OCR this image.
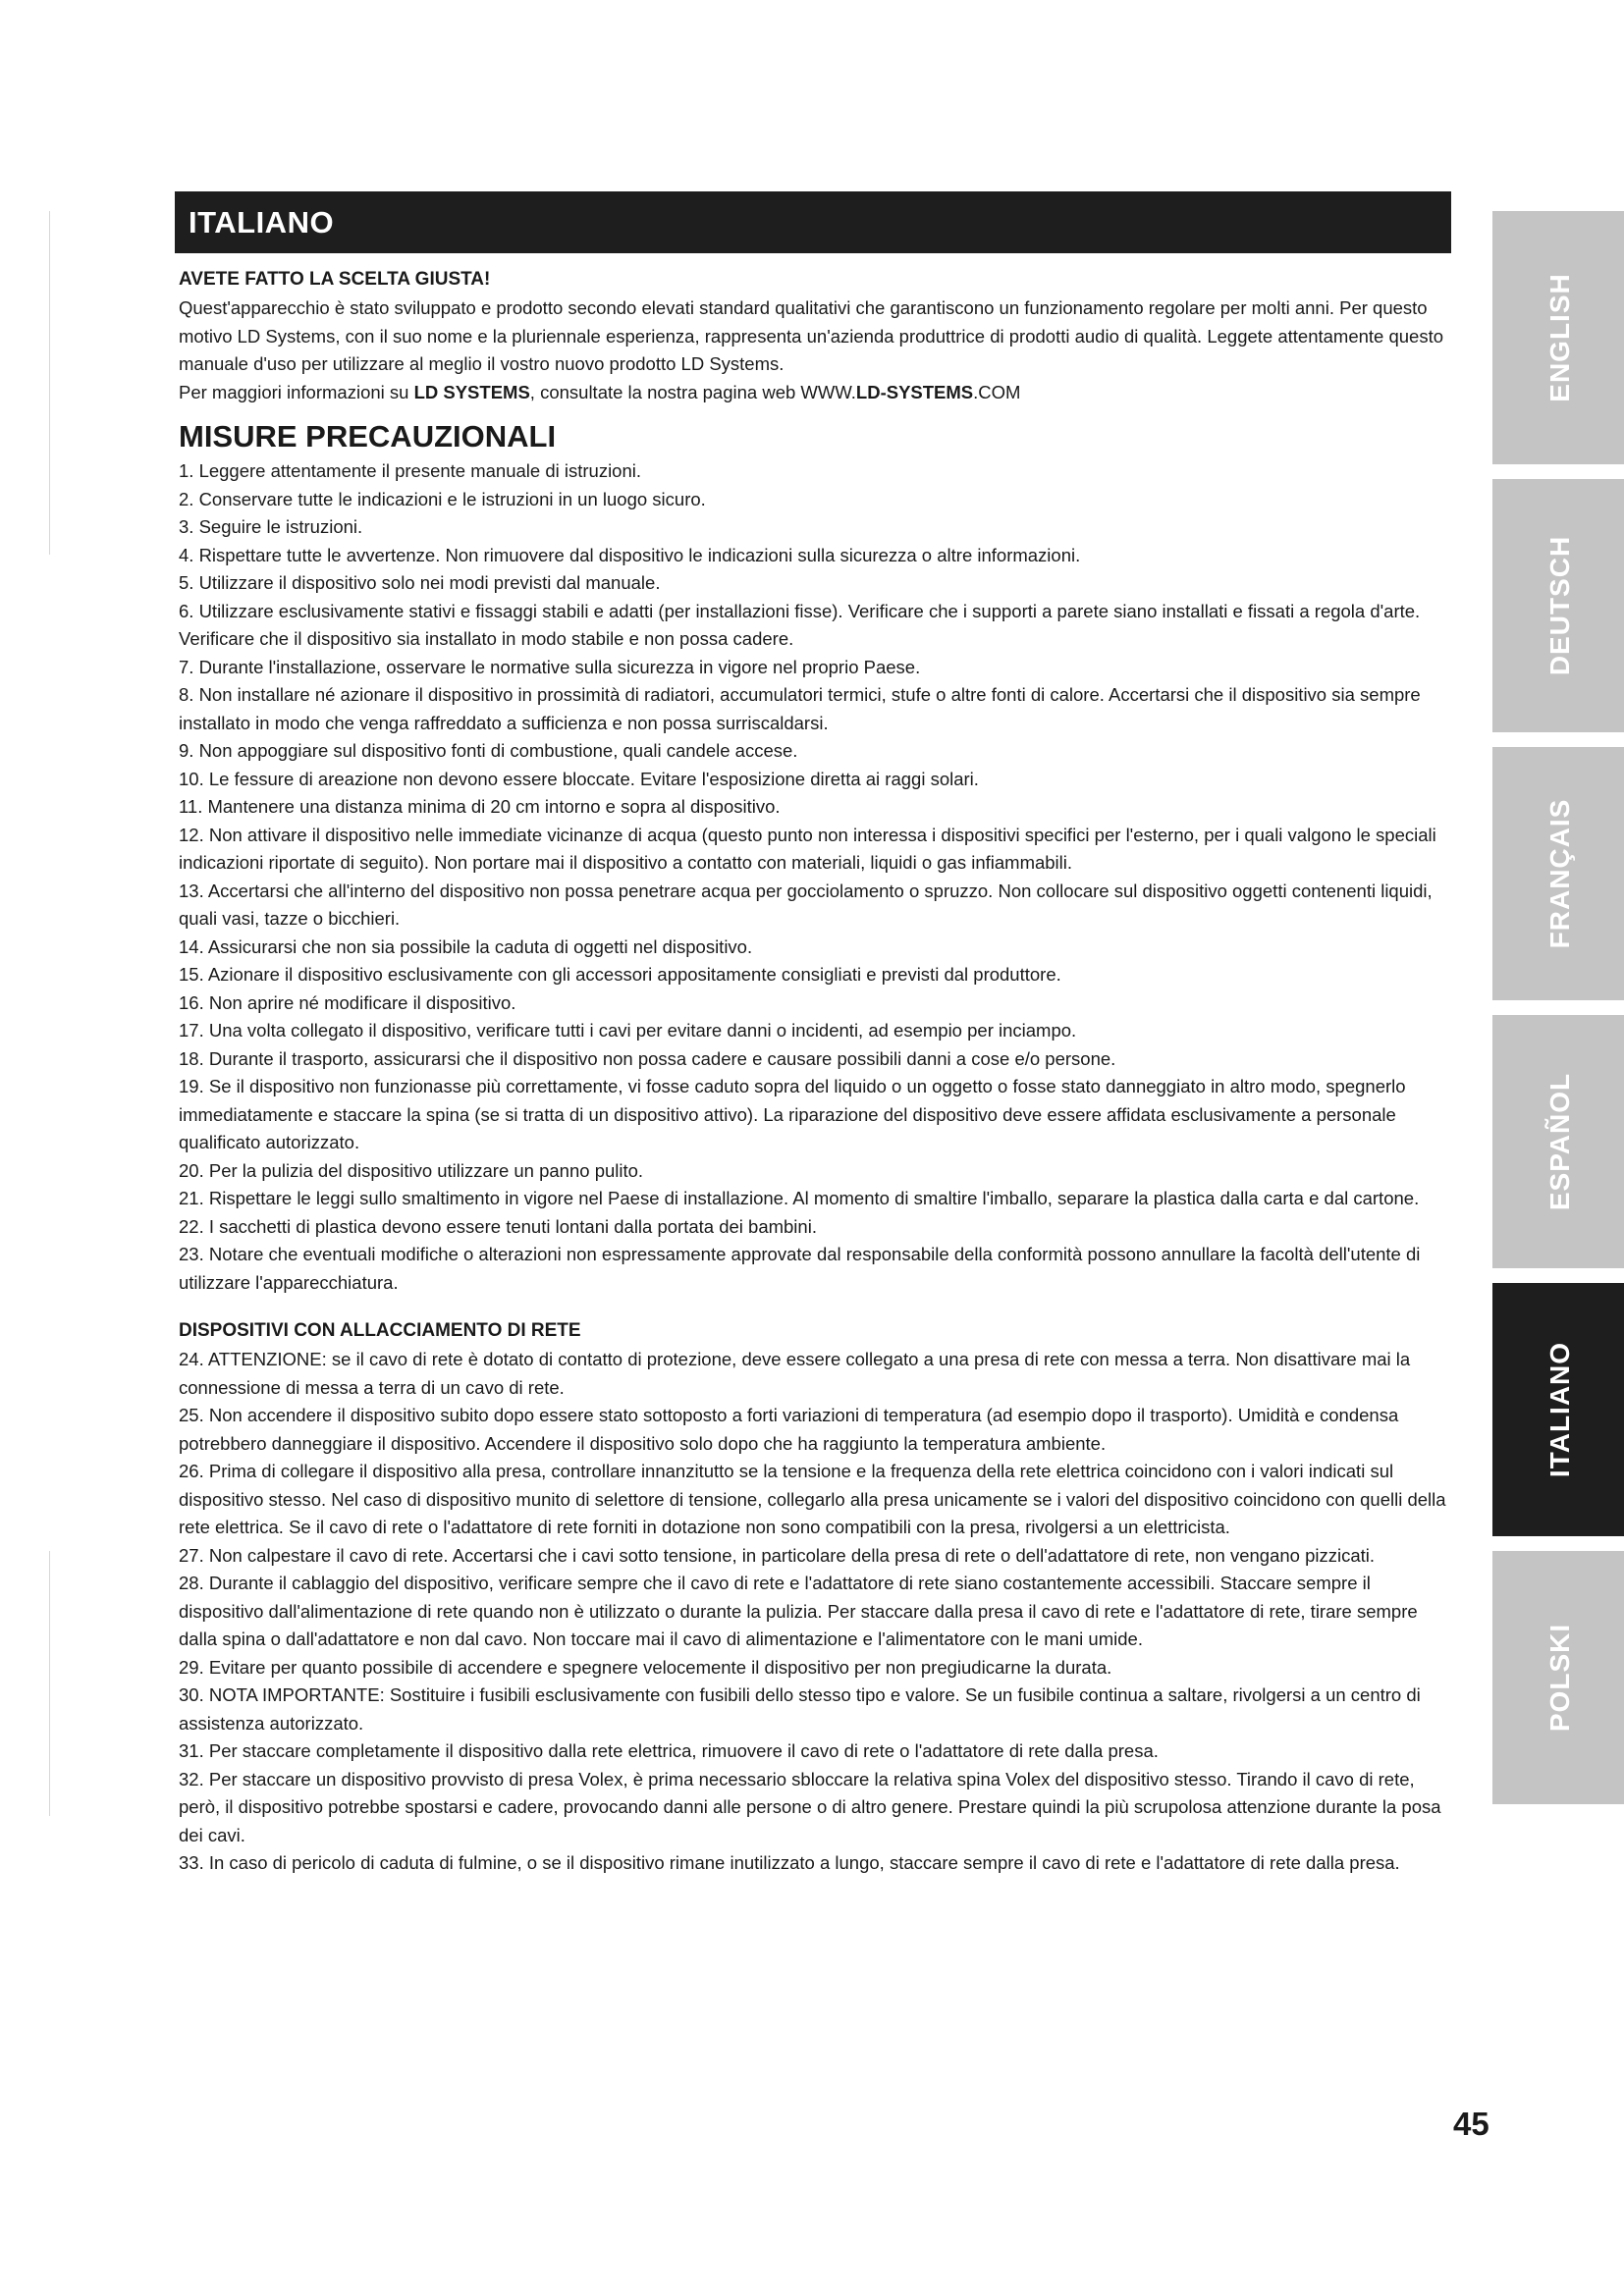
ITALIANO

AVETE FATTO LA SCELTA GIUSTA!

Quest'apparecchio è stato sviluppato e prodotto secondo elevati standard qualitativi che garantiscono un funzionamento regolare per molti anni. Per questo motivo LD Systems, con il suo nome e la pluriennale esperienza, rappresenta un'azienda produttrice di prodotti audio di qualità. Leggete attentamente questo manuale d'uso per utilizzare al meglio il vostro nuovo prodotto LD Systems.

Per maggiori informazioni su LD SYSTEMS, consultate la nostra pagina web WWW.LD-SYSTEMS.COM

MISURE PRECAUZIONALI

1. Leggere attentamente il presente manuale di istruzioni.

2. Conservare tutte le indicazioni e le istruzioni in un luogo sicuro.

3. Seguire le istruzioni.

4. Rispettare tutte le avvertenze. Non rimuovere dal dispositivo le indicazioni sulla sicurezza o altre informazioni.

5. Utilizzare il dispositivo solo nei modi previsti dal manuale.

6. Utilizzare esclusivamente stativi e fissaggi stabili e adatti (per installazioni fisse). Verificare che i supporti a parete siano installati e fissati a regola d'arte. Verificare che il dispositivo sia installato in modo stabile e non possa cadere.

7. Durante l'installazione, osservare le normative sulla sicurezza in vigore nel proprio Paese.

8. Non installare né azionare il dispositivo in prossimità di radiatori, accumulatori termici, stufe o altre fonti di calore. Accertarsi che il dispositivo sia sempre installato in modo che venga raffreddato a sufficienza e non possa surriscaldarsi.

9. Non appoggiare sul dispositivo fonti di combustione, quali candele accese.

10. Le fessure di areazione non devono essere bloccate. Evitare l'esposizione diretta ai raggi solari.

11. Mantenere una distanza minima di 20 cm intorno e sopra al dispositivo.

12. Non attivare il dispositivo nelle immediate vicinanze di acqua (questo punto non interessa i dispositivi specifici per l'esterno, per i quali valgono le speciali indicazioni riportate di seguito). Non portare mai il dispositivo a contatto con materiali, liquidi o gas infiammabili.

13. Accertarsi che all'interno del dispositivo non possa penetrare acqua per gocciolamento o spruzzo. Non collocare sul dispositivo oggetti contenenti liquidi, quali vasi, tazze o bicchieri.

14. Assicurarsi che non sia possibile la caduta di oggetti nel dispositivo.

15. Azionare il dispositivo esclusivamente con gli accessori appositamente consigliati e previsti dal produttore.

16. Non aprire né modificare il dispositivo.

17. Una volta collegato il dispositivo, verificare tutti i cavi per evitare danni o incidenti, ad esempio per inciampo.

18. Durante il trasporto, assicurarsi che il dispositivo non possa cadere e causare possibili danni a cose e/o persone.

19. Se il dispositivo non funzionasse più correttamente, vi fosse caduto sopra del liquido o un oggetto o fosse stato danneggiato in altro modo, spegnerlo immediatamente e staccare la spina (se si tratta di un dispositivo attivo). La riparazione del dispositivo deve essere affidata esclusivamente a personale qualificato autorizzato.

20. Per la pulizia del dispositivo utilizzare un panno pulito.

21. Rispettare le leggi sullo smaltimento in vigore nel Paese di installazione. Al momento di smaltire l'imballo, separare la plastica dalla carta e dal cartone.

22. I sacchetti di plastica devono essere tenuti lontani dalla portata dei bambini.

23. Notare che eventuali modifiche o alterazioni non espressamente approvate dal responsabile della conformità possono annullare la facoltà dell'utente di utilizzare l'apparecchiatura.

DISPOSITIVI CON ALLACCIAMENTO DI RETE

24. ATTENZIONE: se il cavo di rete è dotato di contatto di protezione, deve essere collegato a una presa di rete con messa a terra. Non disattivare mai la connessione di messa a terra di un cavo di rete.

25. Non accendere il dispositivo subito dopo essere stato sottoposto a forti variazioni di temperatura (ad esempio dopo il trasporto). Umidità e condensa potrebbero danneggiare il dispositivo. Accendere il dispositivo solo dopo che ha raggiunto la temperatura ambiente.

26. Prima di collegare il dispositivo alla presa, controllare innanzitutto se la tensione e la frequenza della rete elettrica coincidono con i valori indicati sul dispositivo stesso. Nel caso di dispositivo munito di selettore di tensione, collegarlo alla presa unicamente se i valori del dispositivo coincidono con quelli della rete elettrica. Se il cavo di rete o l'adattatore di rete forniti in dotazione non sono compatibili con la presa, rivolgersi a un elettricista.

27. Non calpestare il cavo di rete. Accertarsi che i cavi sotto tensione, in particolare della presa di rete o dell'adattatore di rete, non vengano pizzicati.

28. Durante il cablaggio del dispositivo, verificare sempre che il cavo di rete e l'adattatore di rete siano costantemente accessibili. Staccare sempre il dispositivo dall'alimentazione di rete quando non è utilizzato o durante la pulizia. Per staccare dalla presa il cavo di rete e l'adattatore di rete, tirare sempre dalla spina o dall'adattatore e non dal cavo. Non toccare mai il cavo di alimentazione e l'alimentatore con le mani umide.

29. Evitare per quanto possibile di accendere e spegnere velocemente il dispositivo per non pregiudicarne la durata.

30. NOTA IMPORTANTE: Sostituire i fusibili esclusivamente con fusibili dello stesso tipo e valore. Se un fusibile continua a saltare, rivolgersi a un centro di assistenza autorizzato.

31. Per staccare completamente il dispositivo dalla rete elettrica, rimuovere il cavo di rete o l'adattatore di rete dalla presa.

32. Per staccare un dispositivo provvisto di presa Volex, è prima necessario sbloccare la relativa spina Volex del dispositivo stesso. Tirando il cavo di rete, però, il dispositivo potrebbe spostarsi e cadere, provocando danni alle persone o di altro genere. Prestare quindi la più scrupolosa attenzione durante la posa dei cavi.

33. In caso di pericolo di caduta di fulmine, o se il dispositivo rimane inutilizzato a lungo, staccare sempre il cavo di rete e l'adattatore di rete dalla presa.

ENGLISH
DEUTSCH
FRANÇAIS
ESPAÑOL
ITALIANO
POLSKI
45
